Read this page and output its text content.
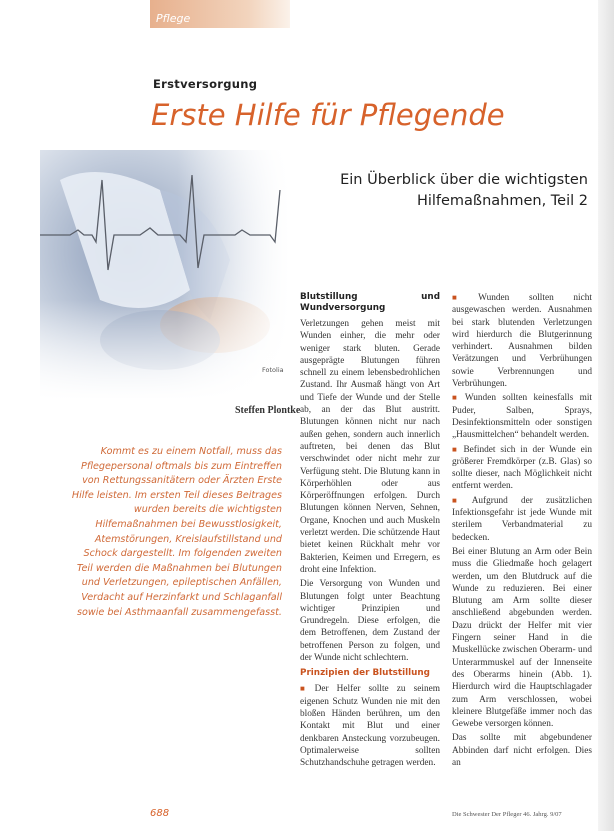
Pflege
Erstversorgung
Erste Hilfe für Pflegende
Ein Überblick über die wichtigsten
Hilfemaßnahmen, Teil 2
Fotolia
Steffen Plontke
Kommt es zu einem Notfall, muss das Pflegepersonal oftmals bis zum Eintreffen von Rettungssanitätern oder Ärzten Erste Hilfe leisten. Im ersten Teil dieses Beitrages wurden bereits die wichtigsten Hilfemaßnahmen bei Bewusstlosigkeit, Atemstörungen, Kreislaufstillstand und Schock dargestellt. Im folgenden zweiten Teil werden die Maßnahmen bei Blutungen und Verletzungen, epileptischen Anfällen, Verdacht auf Herzinfarkt und Schlaganfall sowie bei Asthmaanfall zusammengefasst.
Blutstillung und Wundversorgung

Verletzungen gehen meist mit Wunden einher, die mehr oder weniger stark bluten. Gerade ausgeprägte Blutungen führen schnell zu einem lebensbedrohlichen Zustand. Ihr Ausmaß hängt von Art und Tiefe der Wunde und der Stelle ab, an der das Blut austritt. Blutungen können nicht nur nach außen gehen, sondern auch innerlich auftreten, bei denen das Blut verschwindet oder nicht mehr zur Verfügung steht. Die Blutung kann in Körperhöhlen oder aus Körperöffnungen erfolgen. Durch Blutungen können Nerven, Sehnen, Organe, Knochen und auch Muskeln verletzt werden. Die schützende Haut bietet keinen Rückhalt mehr vor Bakterien, Keimen und Erregern, es droht eine Infektion.

Die Versorgung von Wunden und Blutungen folgt unter Beachtung wichtiger Prinzipien und Grundregeln. Diese erfolgen, die dem Betroffenen, dem Zustand der betroffenen Person zu folgen, und der Wunde nicht schlechtern.

Prinzipien der Blutstillung

■ Der Helfer sollte zu seinem eigenen Schutz Wunden nie mit den bloßen Händen berühren, um den Kontakt mit Blut und einer denkbaren Ansteckung vorzubeugen. Optimalerweise sollten Schutzhandschuhe getragen werden.

■ Wunden sollten nicht ausgewaschen werden. Ausnahmen bei stark blutenden Verletzungen wird hierdurch die Blutgerinnung verhindert. Ausnahmen bilden Verätzungen und Verbrühungen sowie Verbrennungen und Verbrühungen.

■ Wunden sollten keinesfalls mit Puder, Salben, Sprays, Desinfektionsmitteln oder sonstigen „Hausmittelchen“ behandelt werden.

■ Befindet sich in der Wunde ein größerer Fremdkörper (z.B. Glas) so sollte dieser, nach Möglichkeit nicht entfernt werden.

■ Aufgrund der zusätzlichen Infektionsgefahr ist jede Wunde mit sterilem Verbandmaterial zu bedecken.

Bei einer Blutung an Arm oder Bein muss die Gliedmaße hoch gelagert werden, um den Blutdruck auf die Wunde zu reduzieren. Bei einer Blutung am Arm sollte dieser anschließend abgebunden werden. Dazu drückt der Helfer mit vier Fingern seiner Hand in die Muskellücke zwischen Oberarm- und Unterarmmuskel auf der Innenseite des Oberarms hinein (Abb. 1). Hierdurch wird die Hauptschlagader zum Arm verschlossen, wobei kleinere Blutgefäße immer noch das Gewebe versorgen können.

Das sollte mit abgebundener Abbinden darf nicht erfolgen. Dies an

688	Die Schwester Der Pfleger 46. Jahrg. 9/07
